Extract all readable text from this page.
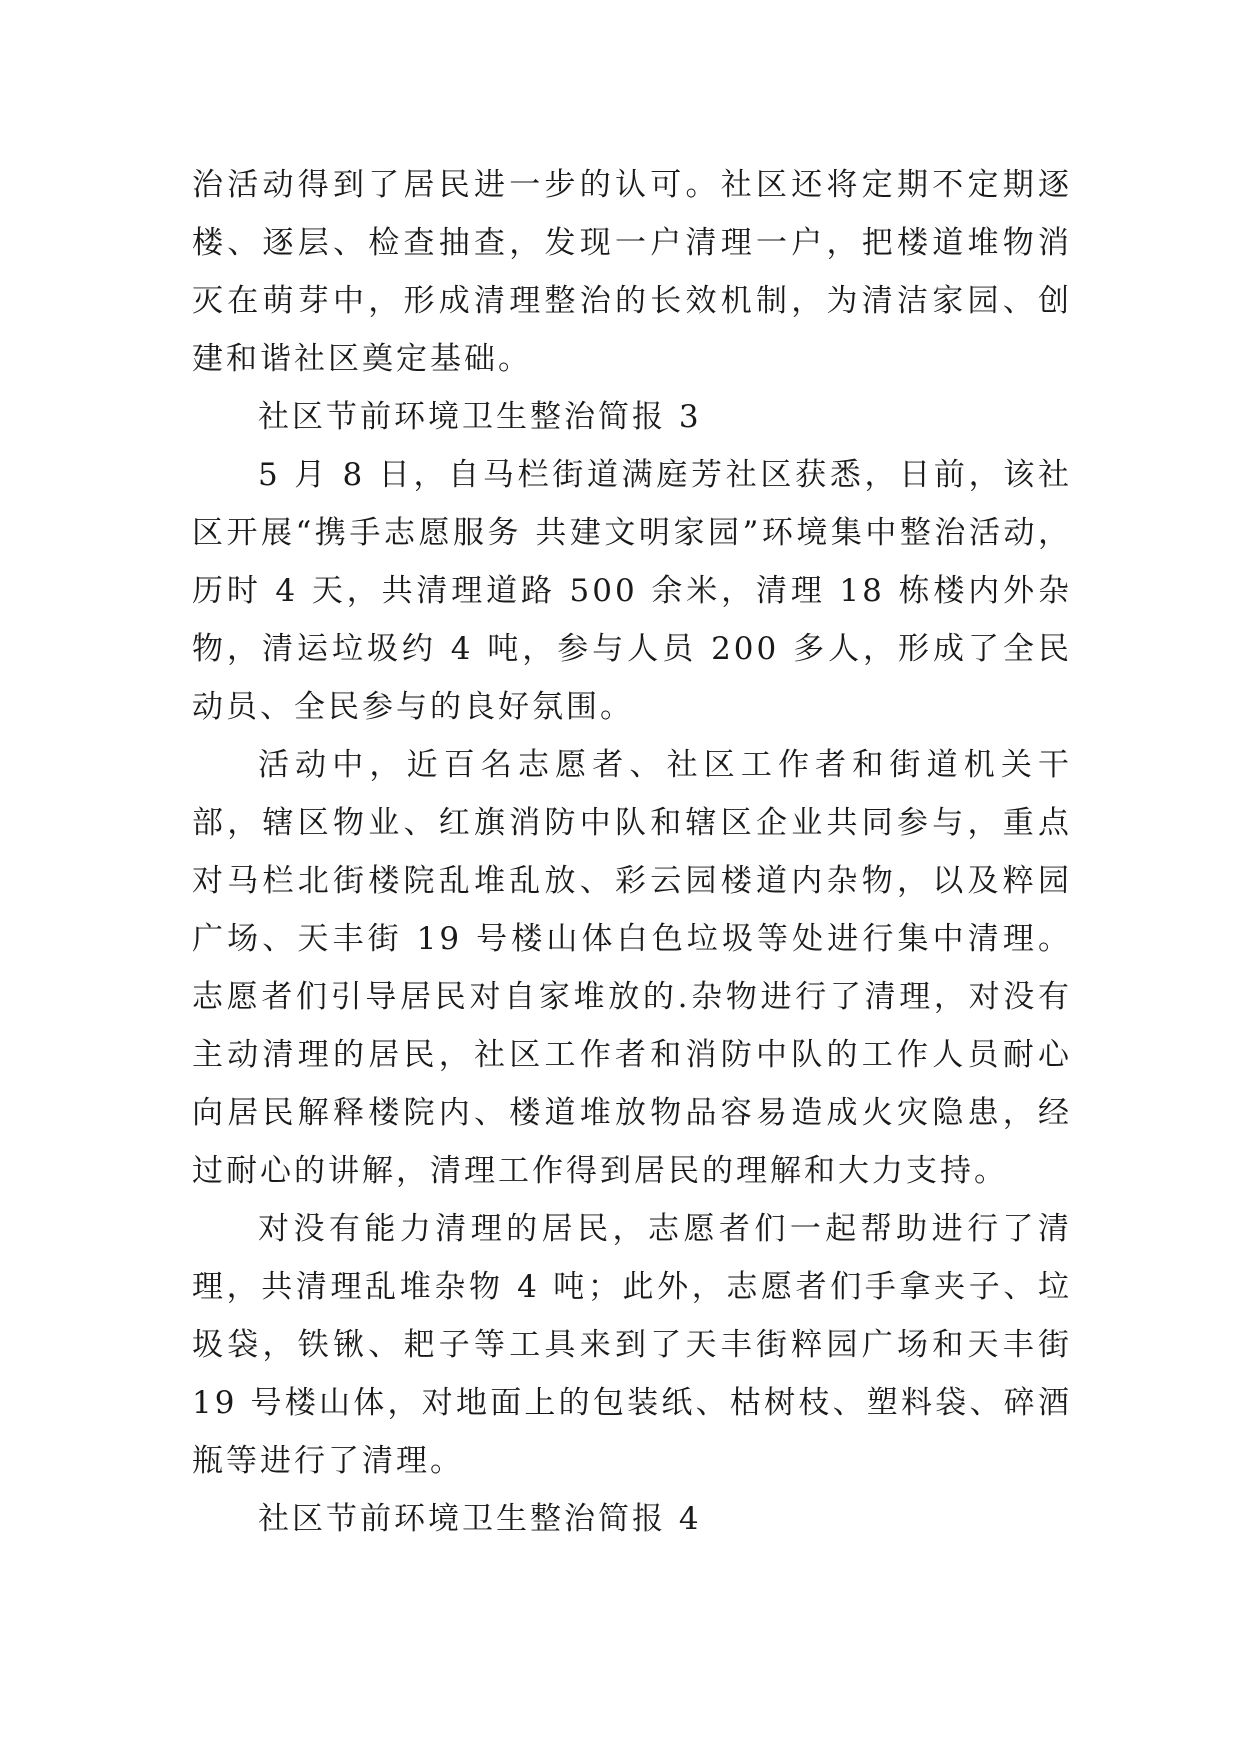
治活动得到了居民进一步的认可。社区还将定期不定期逐楼、逐层、检查抽查，发现一户清理一户，把楼道堆物消灭在萌芽中，形成清理整治的长效机制，为清洁家园、创建和谐社区奠定基础。

社区节前环境卫生整治简报 3

5 月 8 日，自马栏街道满庭芳社区获悉，日前，该社区开展“携手志愿服务 共建文明家园”环境集中整治活动，历时 4 天，共清理道路 500 余米，清理 18 栋楼内外杂物，清运垃圾约 4 吨，参与人员 200 多人，形成了全民动员、全民参与的良好氛围。

活动中，近百名志愿者、社区工作者和街道机关干部，辖区物业、红旗消防中队和辖区企业共同参与，重点对马栏北街楼院乱堆乱放、彩云园楼道内杂物，以及粹园广场、天丰街 19 号楼山体白色垃圾等处进行集中清理。志愿者们引导居民对自家堆放的.杂物进行了清理，对没有主动清理的居民，社区工作者和消防中队的工作人员耐心向居民解释楼院内、楼道堆放物品容易造成火灾隐患，经过耐心的讲解，清理工作得到居民的理解和大力支持。

对没有能力清理的居民，志愿者们一起帮助进行了清理，共清理乱堆杂物 4 吨；此外，志愿者们手拿夹子、垃圾袋，铁锹、耙子等工具来到了天丰街粹园广场和天丰街 19 号楼山体，对地面上的包装纸、枯树枝、塑料袋、碎酒瓶等进行了清理。

社区节前环境卫生整治简报 4
